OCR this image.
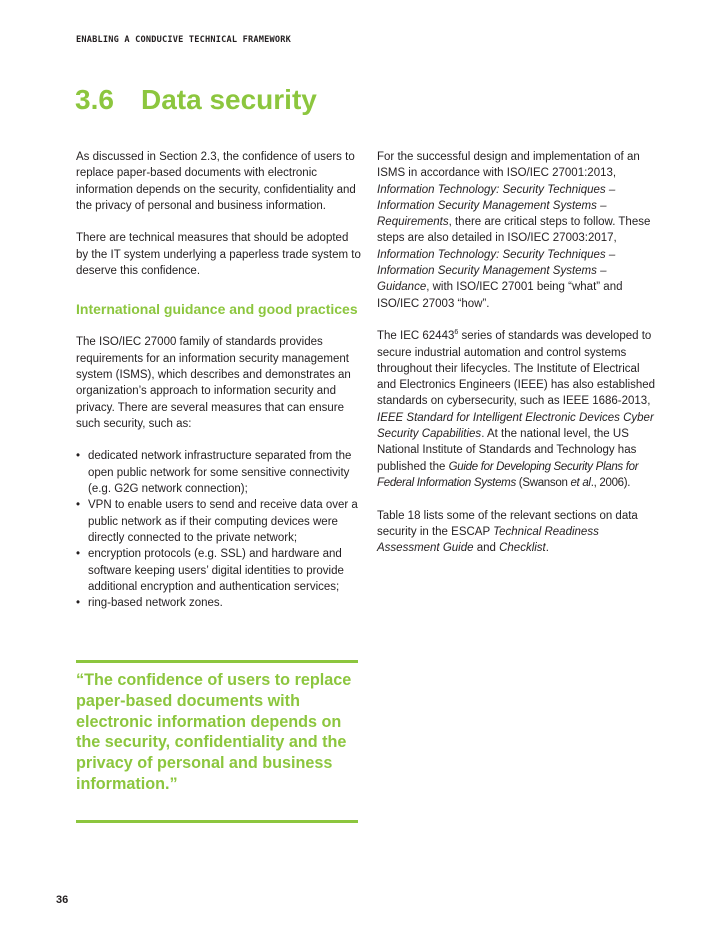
ENABLING A CONDUCIVE TECHNICAL FRAMEWORK
3.6 Data security

As discussed in Section 2.3, the confidence of users to replace paper-based documents with electronic information depends on the security, confidentiality and the privacy of personal and business information.

There are technical measures that should be adopted by the IT system underlying a paperless trade system to deserve this confidence.

International guidance and good practices

The ISO/IEC 27000 family of standards provides requirements for an information security management system (ISMS), which describes and demonstrates an organization’s approach to information security and privacy. There are several measures that can ensure such security, such as:

• dedicated network infrastructure separated from the open public network for some sensitive connectivity (e.g. G2G network connection);
• VPN to enable users to send and receive data over a public network as if their computing devices were directly connected to the private network;
• encryption protocols (e.g. SSL) and hardware and software keeping users’ digital identities to provide additional encryption and authentication services;
• ring-based network zones.
“The confidence of users to replace paper-based documents with electronic information depends on the security, confidentiality and the privacy of personal and business information.”

For the successful design and implementation of an ISMS in accordance with ISO/IEC 27001:2013, Information Technology: Security Techniques – Information Security Management Systems – Requirements, there are critical steps to follow. These steps are also detailed in ISO/IEC 27003:2017, Information Technology: Security Techniques – Information Security Management Systems – Guidance, with ISO/IEC 27001 being “what” and ISO/IEC 27003 “how”.

The IEC 62443$^6$ series of standards was developed to secure industrial automation and control systems throughout their lifecycles. The Institute of Electrical and Electronics Engineers (IEEE) has also established standards on cybersecurity, such as IEEE 1686-2013, IEEE Standard for Intelligent Electronic Devices Cyber Security Capabilities. At the national level, the US National Institute of Standards and Technology has published the Guide for Developing Security Plans for Federal Information Systems (Swanson et al., 2006).

Table 18 lists some of the relevant sections on data security in the ESCAP Technical Readiness Assessment Guide and Checklist.

36
